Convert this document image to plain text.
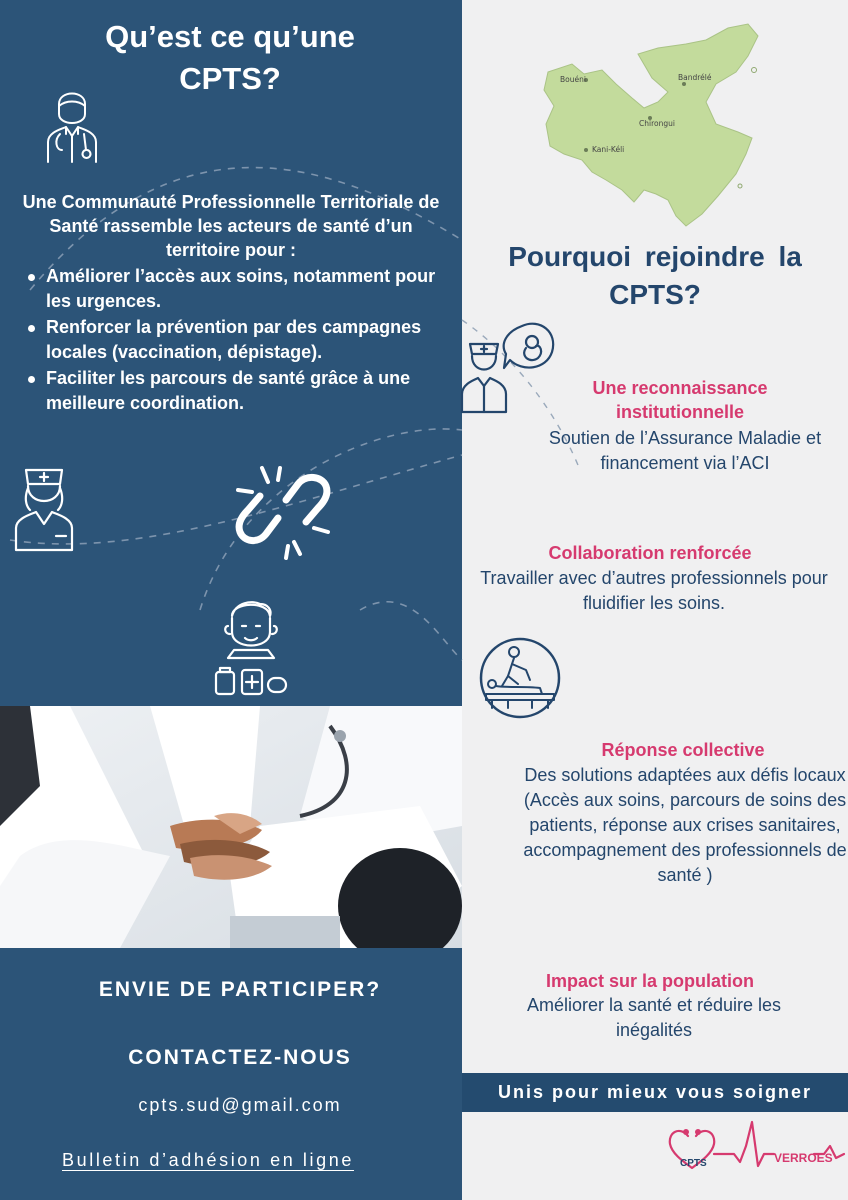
Qu’est ce qu’une CPTS?
Une Communauté Professionnelle Territoriale de Santé rassemble les acteurs de santé d’un territoire pour :
Améliorer l’accès aux soins, notamment pour les urgences.
Renforcer la prévention par des campagnes locales (vaccination, dépistage).
Faciliter les parcours de santé grâce à une meilleure coordination.
ENVIE DE PARTICIPER?
CONTACTEZ-NOUS
cpts.sud@gmail.com
Bulletin d’adhésion en ligne
Bouéni	Bandrélé
Chirongui
Kani-Kéli
Pourquoi rejoindre la CPTS?
Une reconnaissance institutionnelle
Soutien de l’Assurance Maladie et financement via l’ACI
Collaboration renforcée
Travailler avec d’autres professionnels pour fluidifier les soins.
Réponse collective
Des solutions adaptées aux défis locaux (Accès aux soins, parcours de soins des patients, réponse aux crises sanitaires, accompagnement des professionnels de santé )
Impact sur la population
Améliorer la santé et réduire les inégalités
Unis pour mieux vous soigner
CPTS	VERROES
